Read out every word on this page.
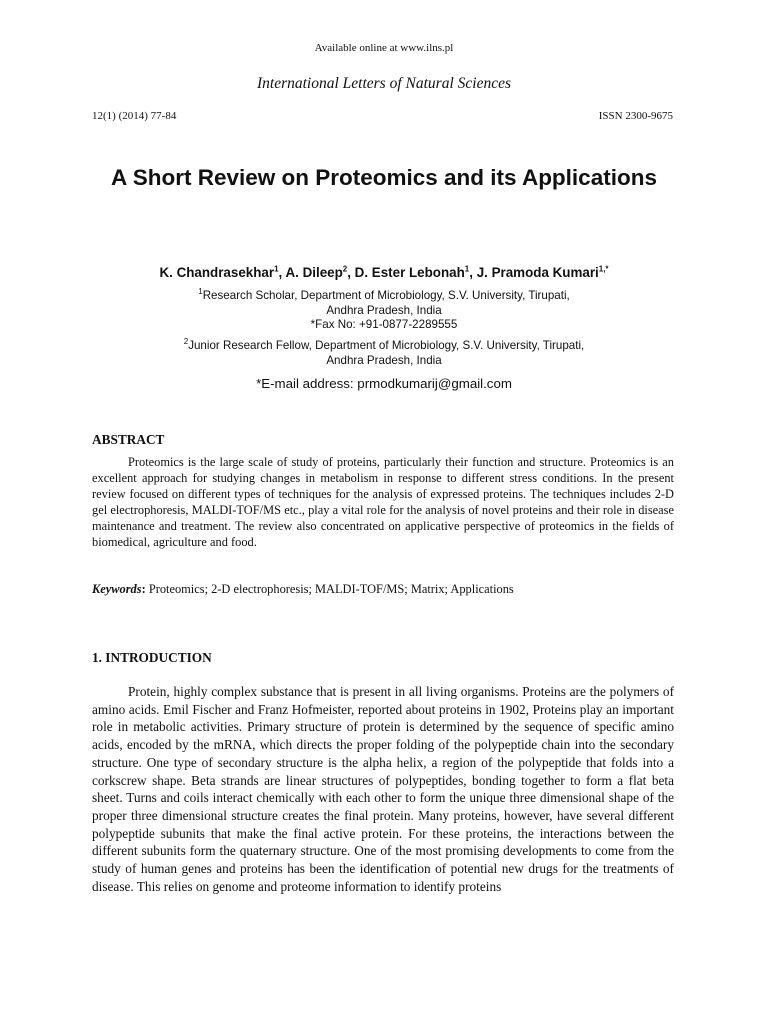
Available online at www.ilns.pl
International Letters of Natural Sciences
12(1) (2014) 77-84	ISSN 2300-9675
A Short Review on Proteomics and its Applications
K. Chandrasekhar$^1$, A. Dileep$^2$, D. Ester Lebonah$^1$, J. Pramoda Kumari$^{1,*}$
$^1$Research Scholar, Department of Microbiology, S.V. University, Tirupati,
Andhra Pradesh, India
*Fax No: +91-0877-2289555
$^2$Junior Research Fellow, Department of Microbiology, S.V. University, Tirupati,
Andhra Pradesh, India
*E-mail address: prmodkumarij@gmail.com
ABSTRACT
Proteomics is the large scale of study of proteins, particularly their function and structure. Proteomics is an excellent approach for studying changes in metabolism in response to different stress conditions. In the present review focused on different types of techniques for the analysis of expressed proteins. The techniques includes 2-D gel electrophoresis, MALDI-TOF/MS etc., play a vital role for the analysis of novel proteins and their role in disease maintenance and treatment. The review also concentrated on applicative perspective of proteomics in the fields of biomedical, agriculture and food.
Keywords: Proteomics; 2-D electrophoresis; MALDI-TOF/MS; Matrix; Applications
1. INTRODUCTION
Protein, highly complex substance that is present in all living organisms. Proteins are the polymers of amino acids. Emil Fischer and Franz Hofmeister, reported about proteins in 1902, Proteins play an important role in metabolic activities. Primary structure of protein is determined by the sequence of specific amino acids, encoded by the mRNA, which directs the proper folding of the polypeptide chain into the secondary structure. One type of secondary structure is the alpha helix, a region of the polypeptide that folds into a corkscrew shape. Beta strands are linear structures of polypeptides, bonding together to form a flat beta sheet. Turns and coils interact chemically with each other to form the unique three dimensional shape of the proper three dimensional structure creates the final protein. Many proteins, however, have several different polypeptide subunits that make the final active protein. For these proteins, the interactions between the different subunits form the quaternary structure. One of the most promising developments to come from the study of human genes and proteins has been the identification of potential new drugs for the treatments of disease. This relies on genome and proteome information to identify proteins
